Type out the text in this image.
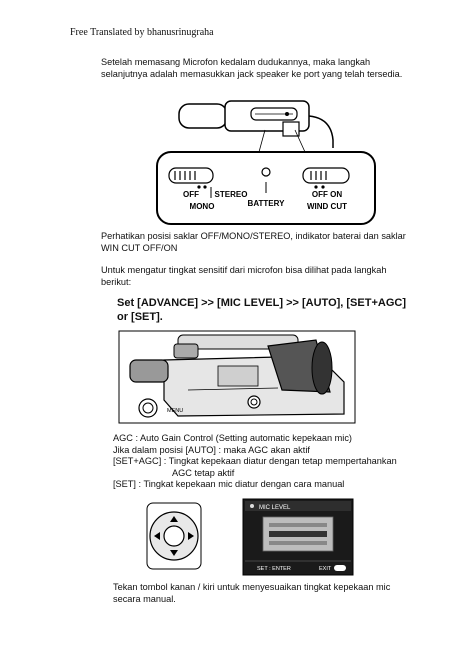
Free Translated by bhanusrinugraha
Setelah memasang Microfon kedalam dudukannya, maka langkah
selanjutnya adalah memasukkan jack speaker ke port yang telah tersedia.
OFF STEREO
MONO	BATTERY
OFF ON
WIND CUT
Perhatikan posisi saklar OFF/MONO/STEREO, indikator baterai dan saklar
WIN CUT OFF/ON
Untuk mengatur tingkat sensitif dari microfon bisa dilihat pada langkah
berikut:
Set [ADVANCE] >> [MIC LEVEL] >> [AUTO], [SET+AGC]
or [SET].
MENU
AGC : Auto Gain Control (Setting automatic kepekaan mic)
Jika dalam posisi [AUTO] : maka AGC akan aktif
[SET+AGC] : Tingkat kepekaan diatur dengan tetap mempertahankan
AGC tetap aktif
[SET] : Tingkat kepekaan mic diatur dengan cara manual
MIC LEVEL
SET : ENTER	EXIT
Tekan tombol kanan / kiri untuk menyesuaikan tingkat kepekaan mic
secara manual.
